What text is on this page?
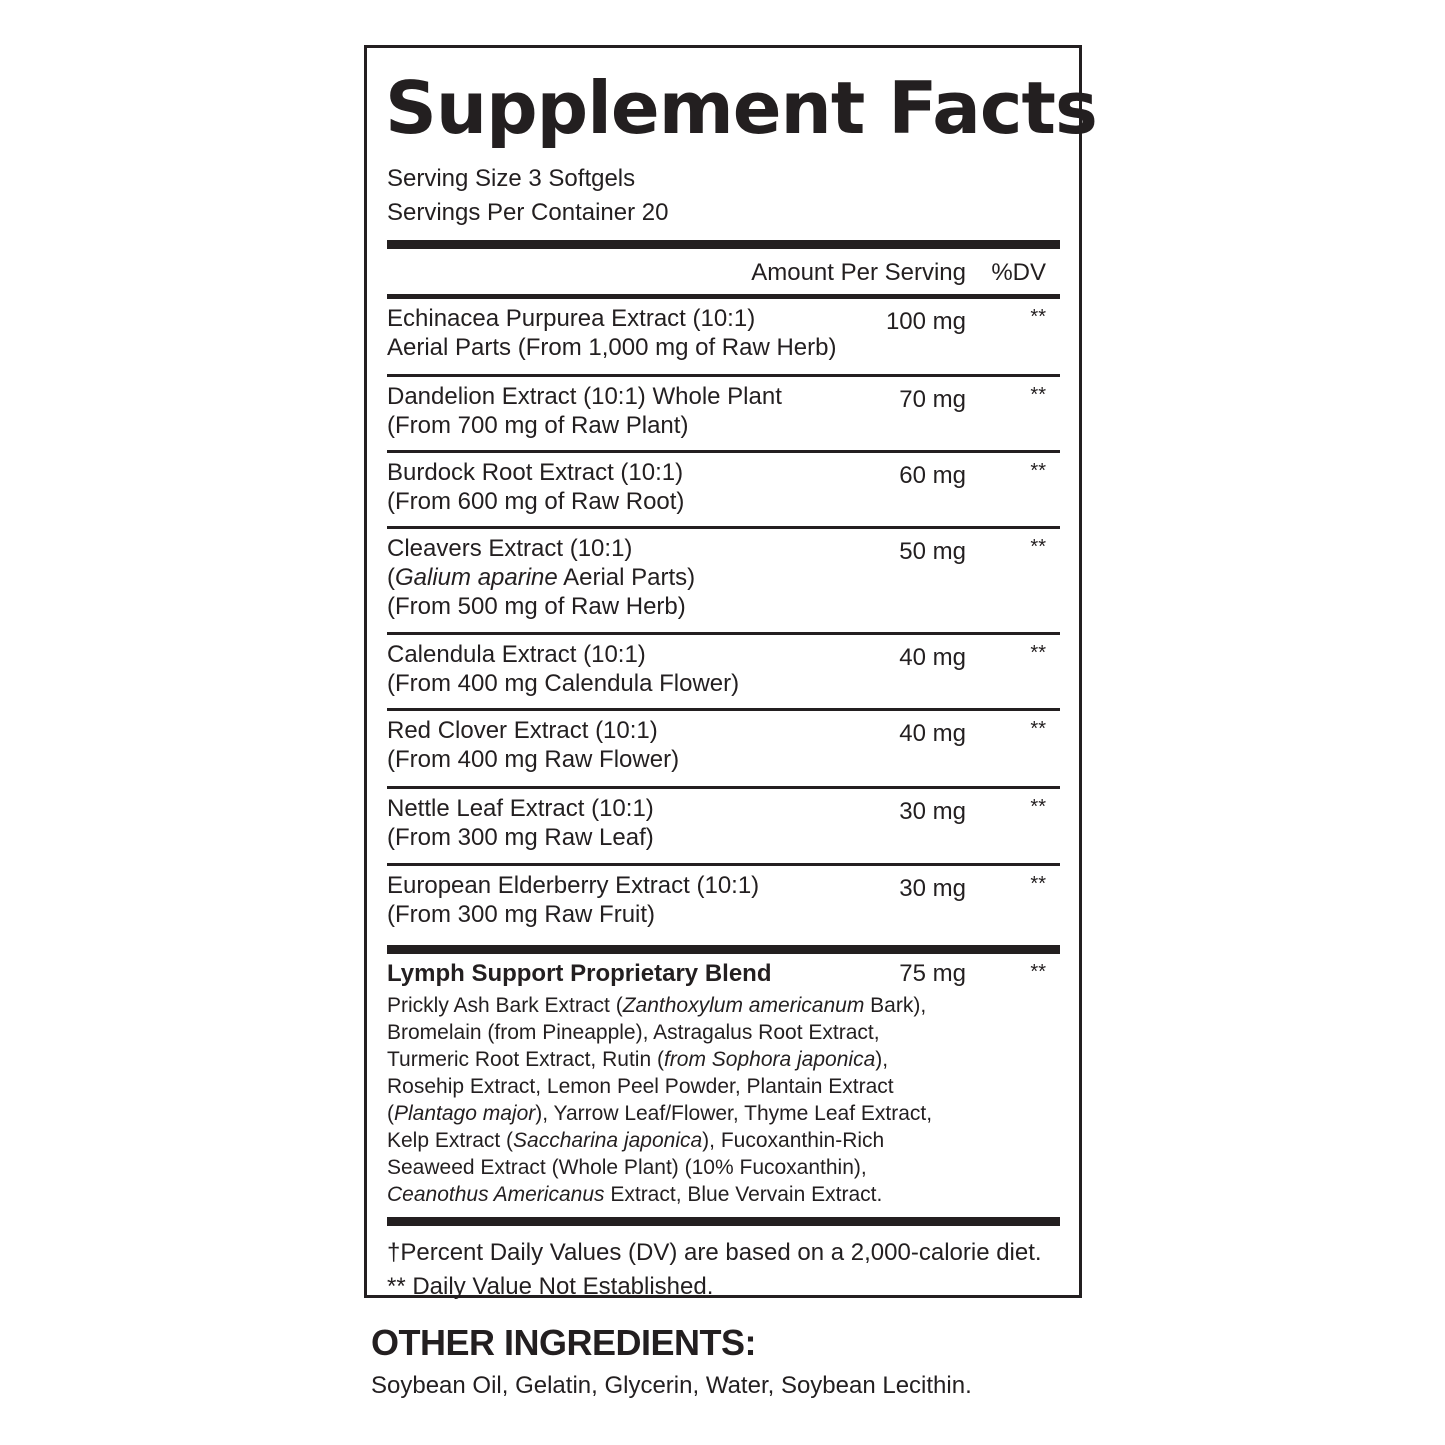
Supplement Facts
Serving Size 3 Softgels
Servings Per Container 20
Amount Per Serving %DV
Echinacea Purpurea Extract (10:1)
Aerial Parts (From 1,000 mg of Raw Herb)
100 mg	**
Dandelion Extract (10:1) Whole Plant
(From 700 mg of Raw Plant)
70 mg	**
Burdock Root Extract (10:1)
(From 600 mg of Raw Root)
60 mg	**
Cleavers Extract (10:1)
(Galium aparine Aerial Parts)
(From 500 mg of Raw Herb)
50 mg	**
Calendula Extract (10:1)
(From 400 mg Calendula Flower)
40 mg	**
Red Clover Extract (10:1)
(From 400 mg Raw Flower)
40 mg	**
Nettle Leaf Extract (10:1)
(From 300 mg Raw Leaf)
30 mg	**
European Elderberry Extract (10:1)
(From 300 mg Raw Fruit)
30 mg	**
Lymph Support Proprietary Blend	75 mg	**
Prickly Ash Bark Extract (Zanthoxylum americanum Bark), Bromelain (from Pineapple), Astragalus Root Extract, Turmeric Root Extract, Rutin (from Sophora japonica), Rosehip Extract, Lemon Peel Powder, Plantain Extract (Plantago major), Yarrow Leaf/Flower, Thyme Leaf Extract, Kelp Extract (Saccharina japonica), Fucoxanthin-Rich Seaweed Extract (Whole Plant) (10% Fucoxanthin), Ceanothus Americanus Extract, Blue Vervain Extract.
†Percent Daily Values (DV) are based on a 2,000-calorie diet.
** Daily Value Not Established.
OTHER INGREDIENTS:
Soybean Oil, Gelatin, Glycerin, Water, Soybean Lecithin.
